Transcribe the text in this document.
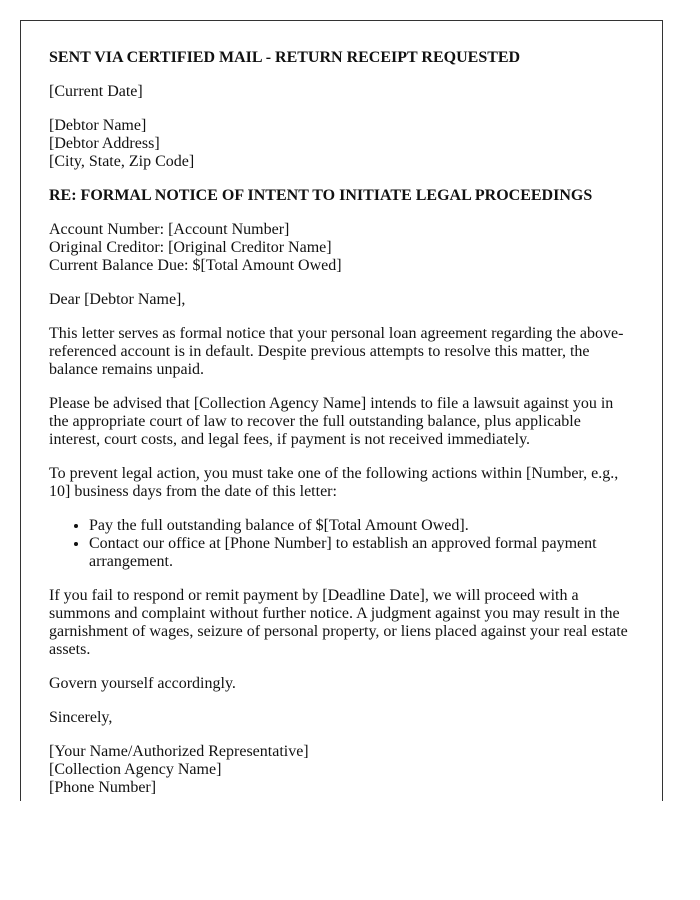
SENT VIA CERTIFIED MAIL - RETURN RECEIPT REQUESTED

[Current Date]

[Debtor Name]
[Debtor Address]
[City, State, Zip Code]

RE: FORMAL NOTICE OF INTENT TO INITIATE LEGAL PROCEEDINGS

Account Number: [Account Number]
Original Creditor: [Original Creditor Name]
Current Balance Due: $[Total Amount Owed]

Dear [Debtor Name],

This letter serves as formal notice that your personal loan agreement regarding the above-referenced account is in default. Despite previous attempts to resolve this matter, the balance remains unpaid.

Please be advised that [Collection Agency Name] intends to file a lawsuit against you in the appropriate court of law to recover the full outstanding balance, plus applicable interest, court costs, and legal fees, if payment is not received immediately.

To prevent legal action, you must take one of the following actions within [Number, e.g., 10] business days from the date of this letter:

• Pay the full outstanding balance of $[Total Amount Owed].
• Contact our office at [Phone Number] to establish an approved formal payment arrangement.

If you fail to respond or remit payment by [Deadline Date], we will proceed with a summons and complaint without further notice. A judgment against you may result in the garnishment of wages, seizure of personal property, or liens placed against your real estate assets.

Govern yourself accordingly.

Sincerely,

[Your Name/Authorized Representative]
[Collection Agency Name]
[Phone Number]
